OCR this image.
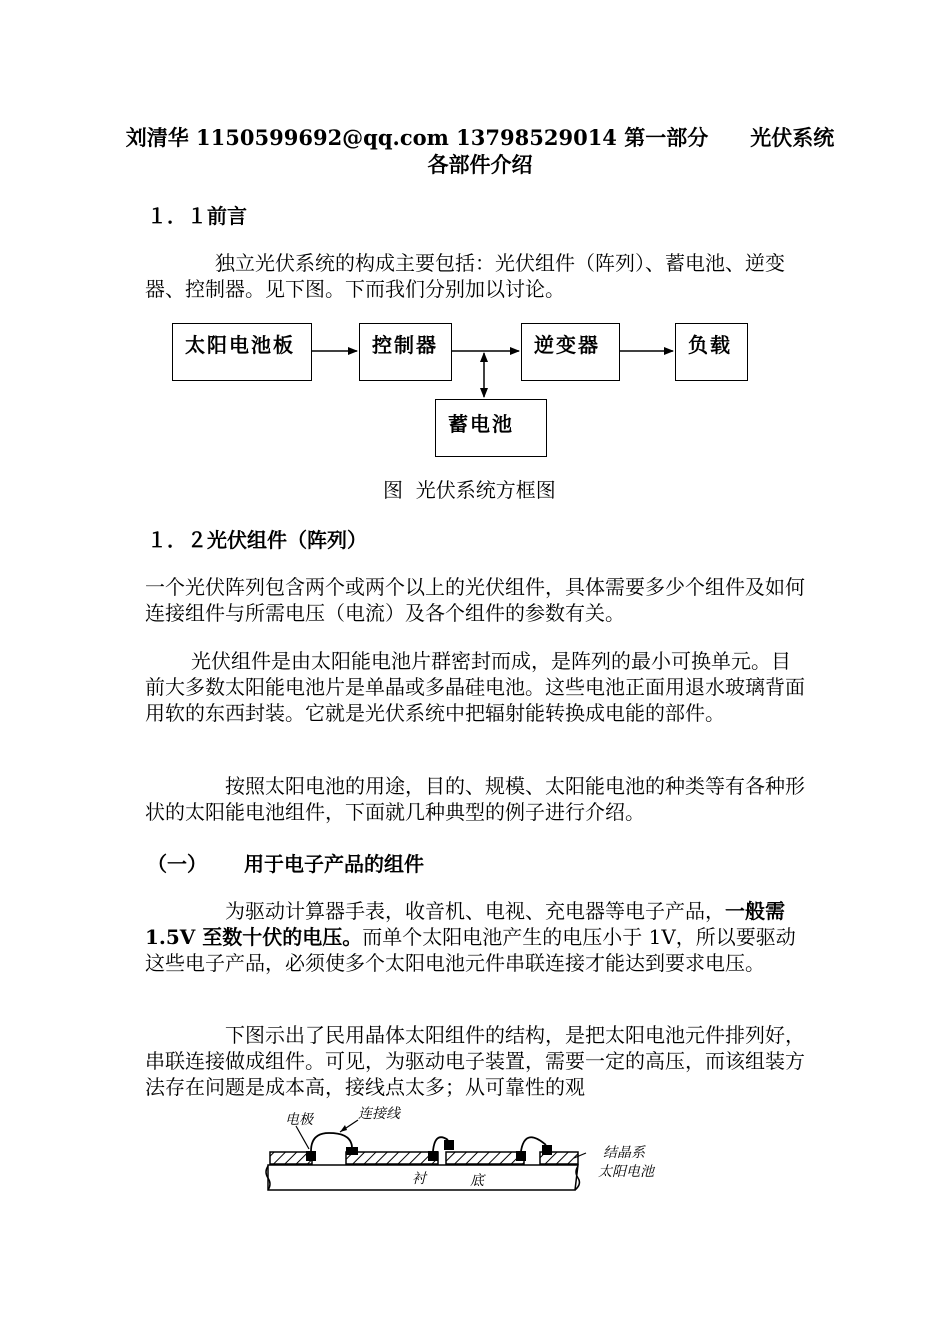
刘清华 1150599692@qq.com 13798529014 第一部分　　光伏系统
各部件介绍
１．１前言
独立光伏系统的构成主要包括：光伏组件（阵列）、蓄电池、逆变器、控制器。见下图。下而我们分别加以讨论。
太阳电池板	控制器	逆变器	负载
蓄电池
图  光伏系统方框图
１．２光伏组件（阵列）
一个光伏阵列包含两个或两个以上的光伏组件，具体需要多少个组件及如何连接组件与所需电压（电流）及各个组件的参数有关。
光伏组件是由太阳能电池片群密封而成，是阵列的最小可换单元。目前大多数太阳能电池片是单晶或多晶硅电池。这些电池正面用退水玻璃背面用软的东西封装。它就是光伏系统中把辐射能转换成电能的部件。
按照太阳电池的用途，目的、规模、太阳能电池的种类等有各种形状的太阳能电池组件，下面就几种典型的例子进行介绍。
（一） 用于电子产品的组件
为驱动计算器手表，收音机、电视、充电器等电子产品，一般需 1.5V 至数十伏的电压。而单个太阳电池产生的电压小于 1V，所以要驱动这些电子产品，必须使多个太阳电池元件串联连接才能达到要求电压。
下图示出了民用晶体太阳组件的结构，是把太阳电池元件排列好，串联连接做成组件。可见，为驱动电子装置，需要一定的高压，而该组装方法存在问题是成本高，接线点太多；从可靠性的观
电极	连接线
结晶系
太阳电池
衬	底
